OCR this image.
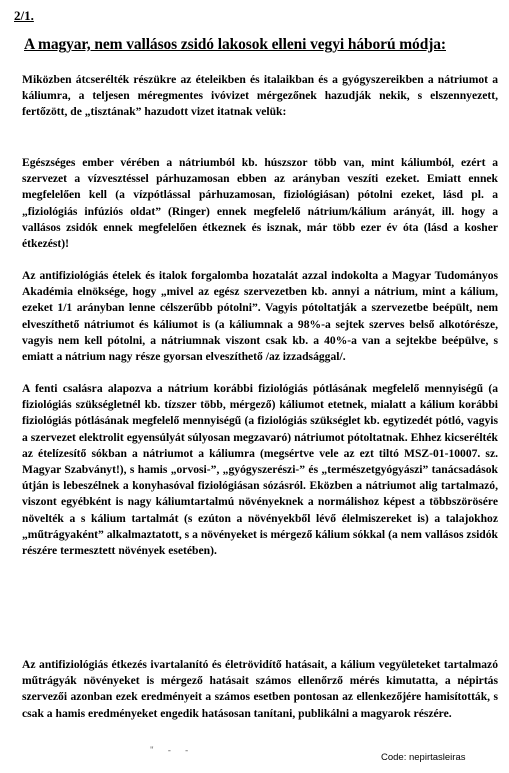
2/1.
A magyar, nem vallásos zsidó lakosok elleni vegyi háború módja:
Miközben átcserélték részükre az ételeikben és italaikban és a gyógyszereikben a nátriumot a káliumra, a teljesen méregmentes ivóvizet mérgezőnek hazudják nekik, s elszennyezett, fertőzött, de „tisztának” hazudott vizet itatnak velük:
Egészséges ember vérében a nátriumból kb. húszszor több van, mint káliumból, ezért a szervezet a vízvesztéssel párhuzamosan ebben az arányban veszíti ezeket. Emiatt ennek megfelelően kell (a vízpótlással párhuzamosan, fiziológiásan) pótolni ezeket, lásd pl. a „fiziológiás infúziós oldat” (Ringer) ennek megfelelő nátrium/kálium arányát, ill. hogy a vallásos zsidók ennek megfelelően étkeznek és isznak, már több ezer év óta (lásd a kosher étkezést)!
Az antifiziológiás ételek és italok forgalomba hozatalát azzal indokolta a Magyar Tudományos Akadémia elnöksége, hogy „mivel az egész szervezetben kb. annyi a nátrium, mint a kálium, ezeket 1/1 arányban lenne célszerűbb pótolni”. Vagyis pótoltatják a szervezetbe beépült, nem elveszíthető nátriumot és káliumot is (a káliumnak a 98%-a sejtek szerves belső alkotórésze, vagyis nem kell pótolni, a nátriumnak viszont csak kb. a 40%-a van a sejtekbe beépülve, s emiatt a nátrium nagy része gyorsan elveszíthető /az izzadsággal/.
A fenti csalásra alapozva a nátrium korábbi fiziológiás pótlásának megfelelő mennyiségű (a fiziológiás szükségletnél kb. tízszer több, mérgező) káliumot etetnek, mialatt a kálium korábbi fiziológiás pótlásának megfelelő mennyiségű (a fiziológiás szükséglet kb. egytizedét pótló, vagyis a szervezet elektrolit egyensúlyát súlyosan megzavaró) nátriumot pótoltatnak. Ehhez kicserélték az ételízesítő sókban a nátriumot a káliumra (megsértve vele az ezt tiltó MSZ-01-10007. sz. Magyar Szabványt!), s hamis „orvosi-”, „gyógyszerészi-” és „természetgyógyászi” tanácsadások útján is lebeszélnek a konyhasóval fiziológiásan sózásról. Eközben a nátriumot alig tartalmazó, viszont egyébként is nagy káliumtartalmú növényeknek a normálishoz képest a többszörösére növelték a s kálium tartalmát (s ezúton a növényekből lévő élelmiszereket is) a talajokhoz „műtrágyaként” alkalmaztatott, s a növényeket is mérgező kálium sókkal (a nem vallásos zsidók részére termesztett növények esetében).
Az antifiziológiás étkezés ivartalanító és életrövidítő hatásait, a kálium vegyületeket tartalmazó műtrágyák növényeket is mérgező hatásait számos ellenőrző mérés kimutatta, a népirtás szervezői azonban ezek eredményeit a számos esetben pontosan az ellenkezőjére hamisították, s csak a hamis eredményeket engedik hatásosan tanítani, publikálni a magyarok részére.
" - -
Code: nepirtasleiras
